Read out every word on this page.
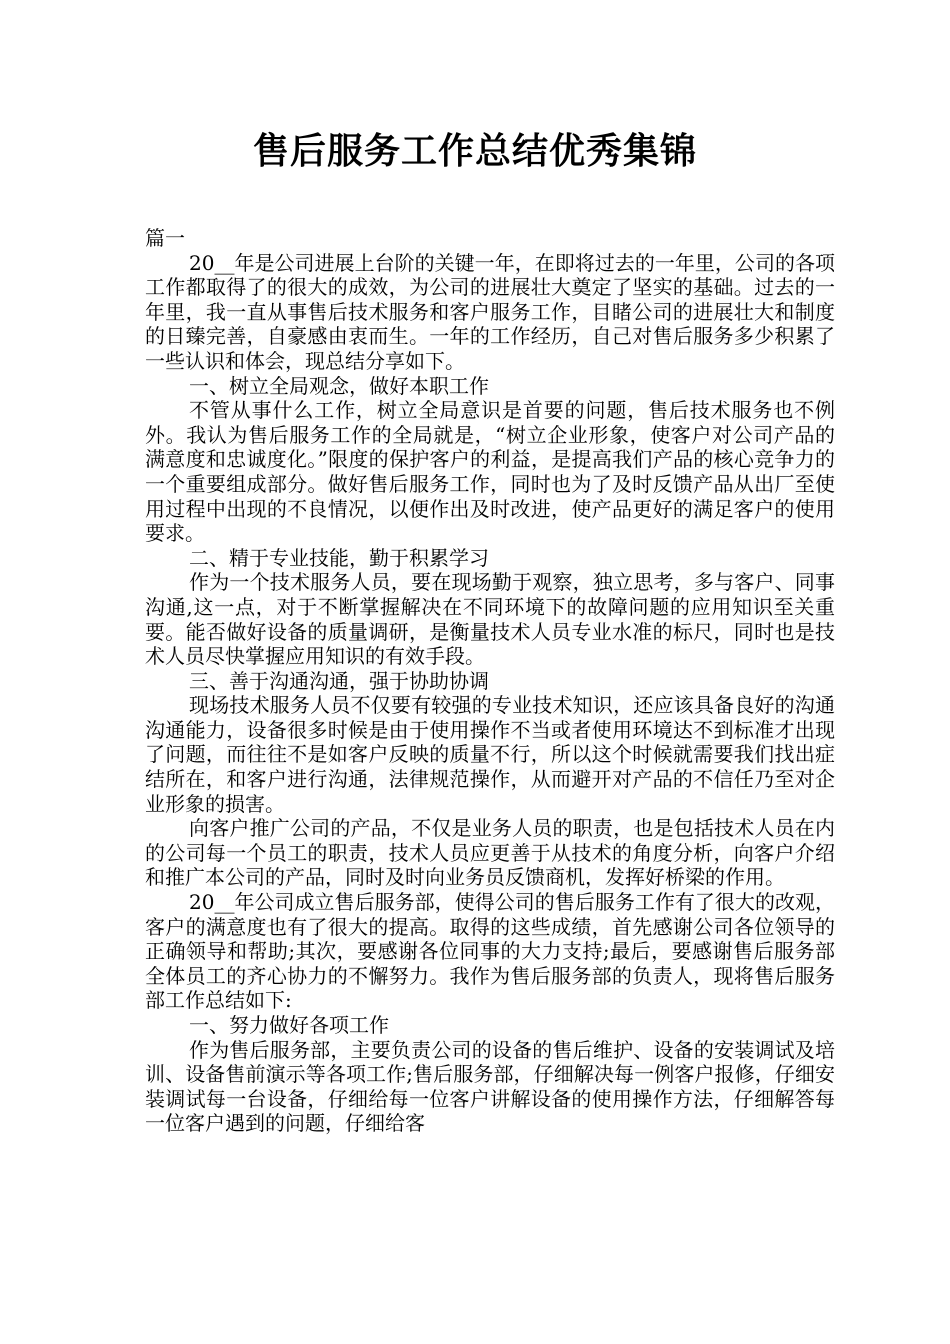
售后服务工作总结优秀集锦

篇一

20__年是公司进展上台阶的关键一年，在即将过去的一年里，公司的各项工作都取得了的很大的成效，为公司的进展壮大奠定了坚实的基础。过去的一年里，我一直从事售后技术服务和客户服务工作，目睹公司的进展壮大和制度的日臻完善，自豪感由衷而生。一年的工作经历，自己对售后服务多少积累了一些认识和体会，现总结分享如下。

一、树立全局观念，做好本职工作

不管从事什么工作，树立全局意识是首要的问题，售后技术服务也不例外。我认为售后服务工作的全局就是，“树立企业形象，使客户对公司产品的满意度和忠诚度化。”限度的保护客户的利益，是提高我们产品的核心竞争力的一个重要组成部分。做好售后服务工作，同时也为了及时反馈产品从出厂至使用过程中出现的不良情况，以便作出及时改进，使产品更好的满足客户的使用要求。

二、精于专业技能，勤于积累学习

作为一个技术服务人员，要在现场勤于观察，独立思考，多与客户、同事沟通,这一点，对于不断掌握解决在不同环境下的故障问题的应用知识至关重要。能否做好设备的质量调研，是衡量技术人员专业水准的标尺，同时也是技术人员尽快掌握应用知识的有效手段。

三、善于沟通沟通，强于协助协调

现场技术服务人员不仅要有较强的专业技术知识，还应该具备良好的沟通沟通能力，设备很多时候是由于使用操作不当或者使用环境达不到标准才出现了问题，而往往不是如客户反映的质量不行，所以这个时候就需要我们找出症结所在，和客户进行沟通，法律规范操作，从而避开对产品的不信任乃至对企业形象的损害。

向客户推广公司的产品，不仅是业务人员的职责，也是包括技术人员在内的公司每一个员工的职责，技术人员应更善于从技术的角度分析，向客户介绍和推广本公司的产品，同时及时向业务员反馈商机，发挥好桥梁的作用。

20__年公司成立售后服务部，使得公司的售后服务工作有了很大的改观，客户的满意度也有了很大的提高。取得的这些成绩，首先感谢公司各位领导的正确领导和帮助;其次，要感谢各位同事的大力支持;最后，要感谢售后服务部全体员工的齐心协力的不懈努力。我作为售后服务部的负责人，现将售后服务部工作总结如下:

一、努力做好各项工作

作为售后服务部，主要负责公司的设备的售后维护、设备的安装调试及培训、设备售前演示等各项工作;售后服务部，仔细解决每一例客户报修，仔细安装调试每一台设备，仔细给每一位客户讲解设备的使用操作方法，仔细解答每一位客户遇到的问题，仔细给客
